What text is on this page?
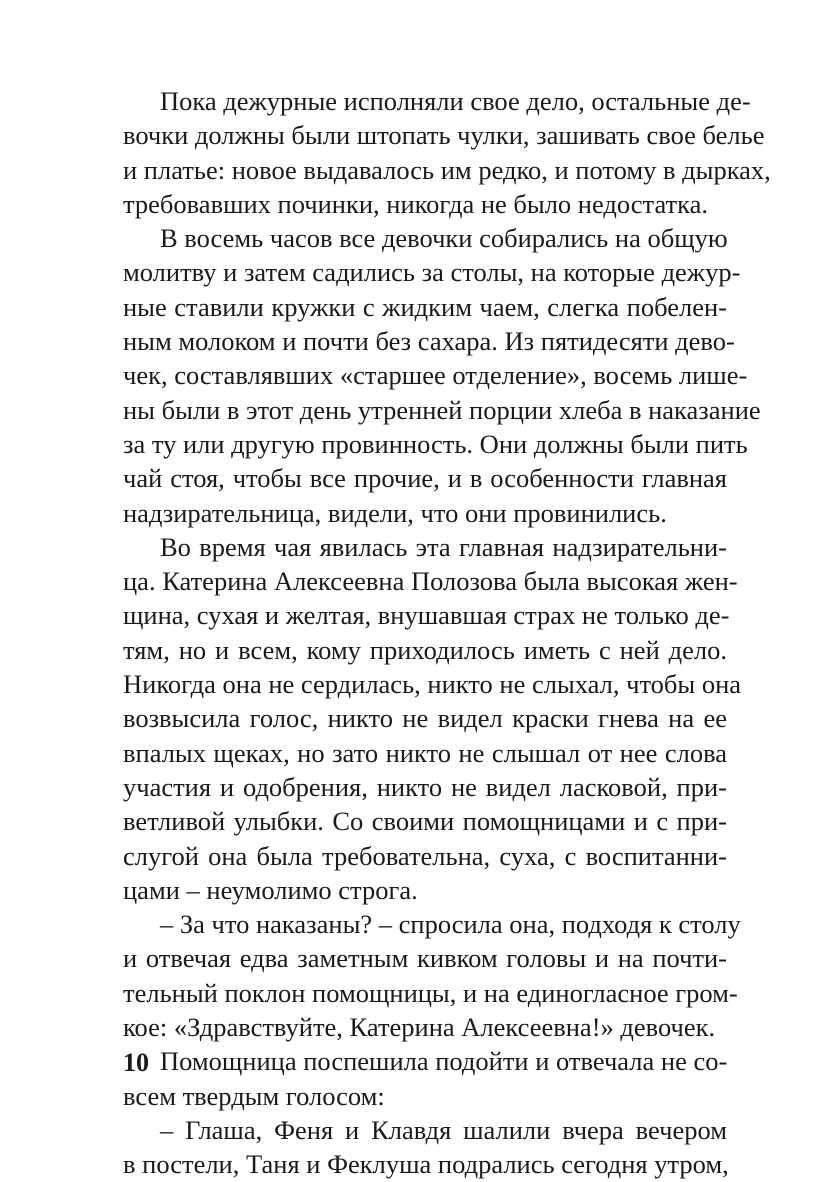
Пока дежурные исполняли свое дело, остальные де-
вочки должны были штопать чулки, зашивать свое белье
и платье: новое выдавалось им редко, и потому в дырках,
требовавших починки, никогда не было недостатка.
В восемь часов все девочки собирались на общую
молитву и затем садились за столы, на которые дежур-
ные ставили кружки с жидким чаем, слегка побелен-
ным молоком и почти без сахара. Из пятидесяти дево-
чек, составлявших «старшее отделение», восемь лише-
ны были в этот день утренней порции хлеба в наказание
за ту или другую провинность. Они должны были пить
чай стоя, чтобы все прочие, и в особенности главная
надзирательница, видели, что они провинились.
Во время чая явилась эта главная надзирательни-
ца. Катерина Алексеевна Полозова была высокая жен-
щина, сухая и желтая, внушавшая страх не только де-
тям, но и всем, кому приходилось иметь с ней дело.
Никогда она не сердилась, никто не слыхал, чтобы она
возвысила голос, никто не видел краски гнева на ее
впалых щеках, но зато никто не слышал от нее слова
участия и одобрения, никто не видел ласковой, при-
ветливой улыбки. Со своими помощницами и с при-
слугой она была требовательна, суха, с воспитанни-
цами – неумолимо строга.
– За что наказаны? – спросила она, подходя к столу
и отвечая едва заметным кивком головы и на почти-
тельный поклон помощницы, и на единогласное гром-
кое: «Здравствуйте, Катерина Алексеевна!» девочек.
Помощница поспешила подойти и отвечала не со-
всем твердым голосом:
– Глаша, Феня и Клавдя шалили вчера вечером
в постели, Таня и Феклуша подрались сегодня утром,
10
